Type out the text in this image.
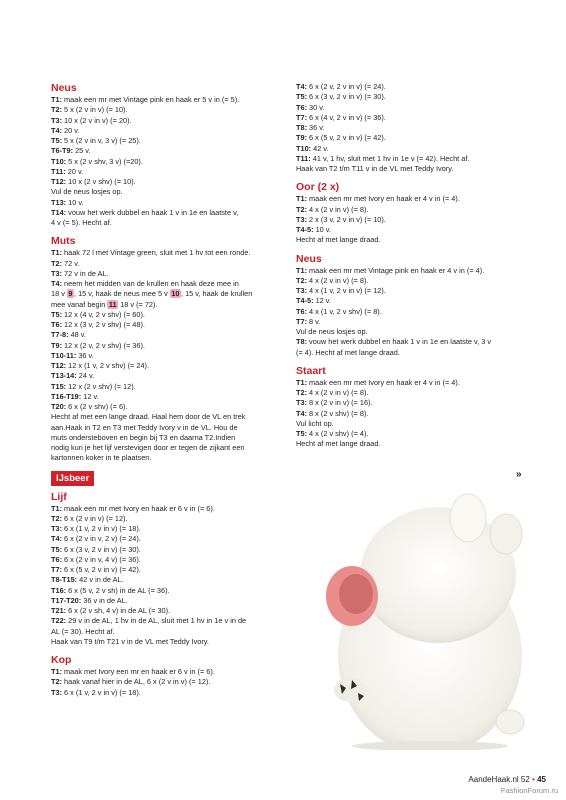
Neus

T1: maak een mr met Vintage pink en haak er 5 v in (= 5).

T2: 5 x (2 v in v) (= 10).

T3: 10 x (2 v in v) (= 20).

T4: 20 v.

T5: 5 x (2 v in v, 3 v) (= 25).

T6-T9: 25 v.

T10: 5 x (2 v shv, 3 v) (=20).

T11: 20 v.

T12: 10 x (2 v shv) (= 10).

Vul de neus losjes op.

T13: 10 v.

T14: vouw het werk dubbel en haak 1 v in 1e en laatste v,

4 v (= 5). Hecht af.

Muts

T1: haak 72 l met Vintage green, sluit met 1 hv tot een ronde.

T2: 72 v.

T3: 72 v in de AL.

T4: neem het midden van de krullen en haak deze mee in

18 v 9 , 15 v, haak de neus mee 5 v 10 , 15 v, haak de krullen

mee vanaf begin 11 18 v (= 72).

T5: 12 x (4 v, 2 v shv) (= 60).

T6: 12 x (3 v, 2 v shv) (= 48).

T7-8: 48 v.

T9: 12 x (2 v, 2 v shv) (= 36).

T10-11: 36 v.

T12: 12 x (1 v, 2 v shv) (= 24).

T13-14: 24 v.

T15: 12 x (2 v shv) (= 12).

T16-T19: 12 v.

T20: 6 x (2 v shv) (= 6).

Hecht af met een lange draad. Haal hem door de VL en trek

aan.Haak in T2 en T3 met Teddy Ivory v in de VL. Hou de

muts ondersteboven en begin bij T3 en daarna T2.Indien

nodig kun je het lijf verstevigen door er tegen de zijkant een

kartonnen koker in te plaatsen.

IJsbeer
Lijf

T1: maak een mr met Ivory en haak er 6 v in (= 6).

T2: 6 x (2 v in v) (= 12).

T3: 6 x (1 v, 2 v in v) (= 18).

T4: 6 x (2 v in v, 2 v) (= 24).

T5: 6 x (3 v, 2 v in v) (= 30).

T6: 6 x (2 v in v, 4 v) (= 36).

T7: 6 x (5 v, 2 v in v) (= 42).

T8-T15: 42 v in de AL.

T16: 6 x (5 v, 2 v sh) in de AL (= 36).

T17-T20: 36 v in de AL.

T21: 6 x (2 v sh, 4 v) in de AL (= 30).

T22: 29 v in de AL, 1 hv in de AL, sluit met 1 hv in 1e v in de

AL (= 30). Hecht af.

Haak van T9 t/m T21 v in de VL met Teddy Ivory.

Kop

T1: maak met Ivory een mr en haak er 6 v in (= 6).

T2: haak vanaf hier in de AL, 6 x (2 v in v) (= 12).

T3: 6 x (1 v, 2 v in v) (= 18).

T4: 6 x (2 v, 2 v in v) (= 24).

T5: 6 x (3 v, 2 v in v) (= 30).

T6: 30 v.

T7: 6 x (4 v, 2 v in v) (= 36).

T8: 36 v.

T9: 6 x (5 v, 2 v in v) (= 42).

T10: 42 v.

T11: 41 v, 1 hv, sluit met 1 hv in 1e v (= 42). Hecht af.

Haak van T2 t/m T11 v in de VL met Teddy Ivory.

Oor (2 x)

T1: maak een mr met Ivory en haak er 4 v in (= 4).

T2: 4 x (2 v in v) (= 8).

T3: 2 x (3 v, 2 v in v) (= 10).

T4-5: 10 v.

Hecht af met lange draad.

Neus

T1: maak een mr met Vintage pink en haak er 4 v in (= 4).

T2: 4 x (2 v in v) (= 8).

T3: 4 x (1 v, 2 v in v) (= 12).

T4-5: 12 v.

T6: 4 x (1 v, 2 v shv) (= 8).

T7: 8 v.

Vul de neus losjes op.

T8: vouw het werk dubbel en haak 1 v in 1e en laatste v, 3 v

(= 4). Hecht af met lange draad.

Staart

T1: maak een mr met Ivory en haak er 4 v in (= 4).

T2: 4 x (2 v in v) (= 8).

T3: 8 x (2 v in v) (= 16).

T4: 8 x (2 v shv) (= 8).

Vul licht op.

T5: 4 x (2 v shv) (= 4).

Hecht af met lange draad.

»
AandeHaak.nl 52 • 45
FashionForum.ru
